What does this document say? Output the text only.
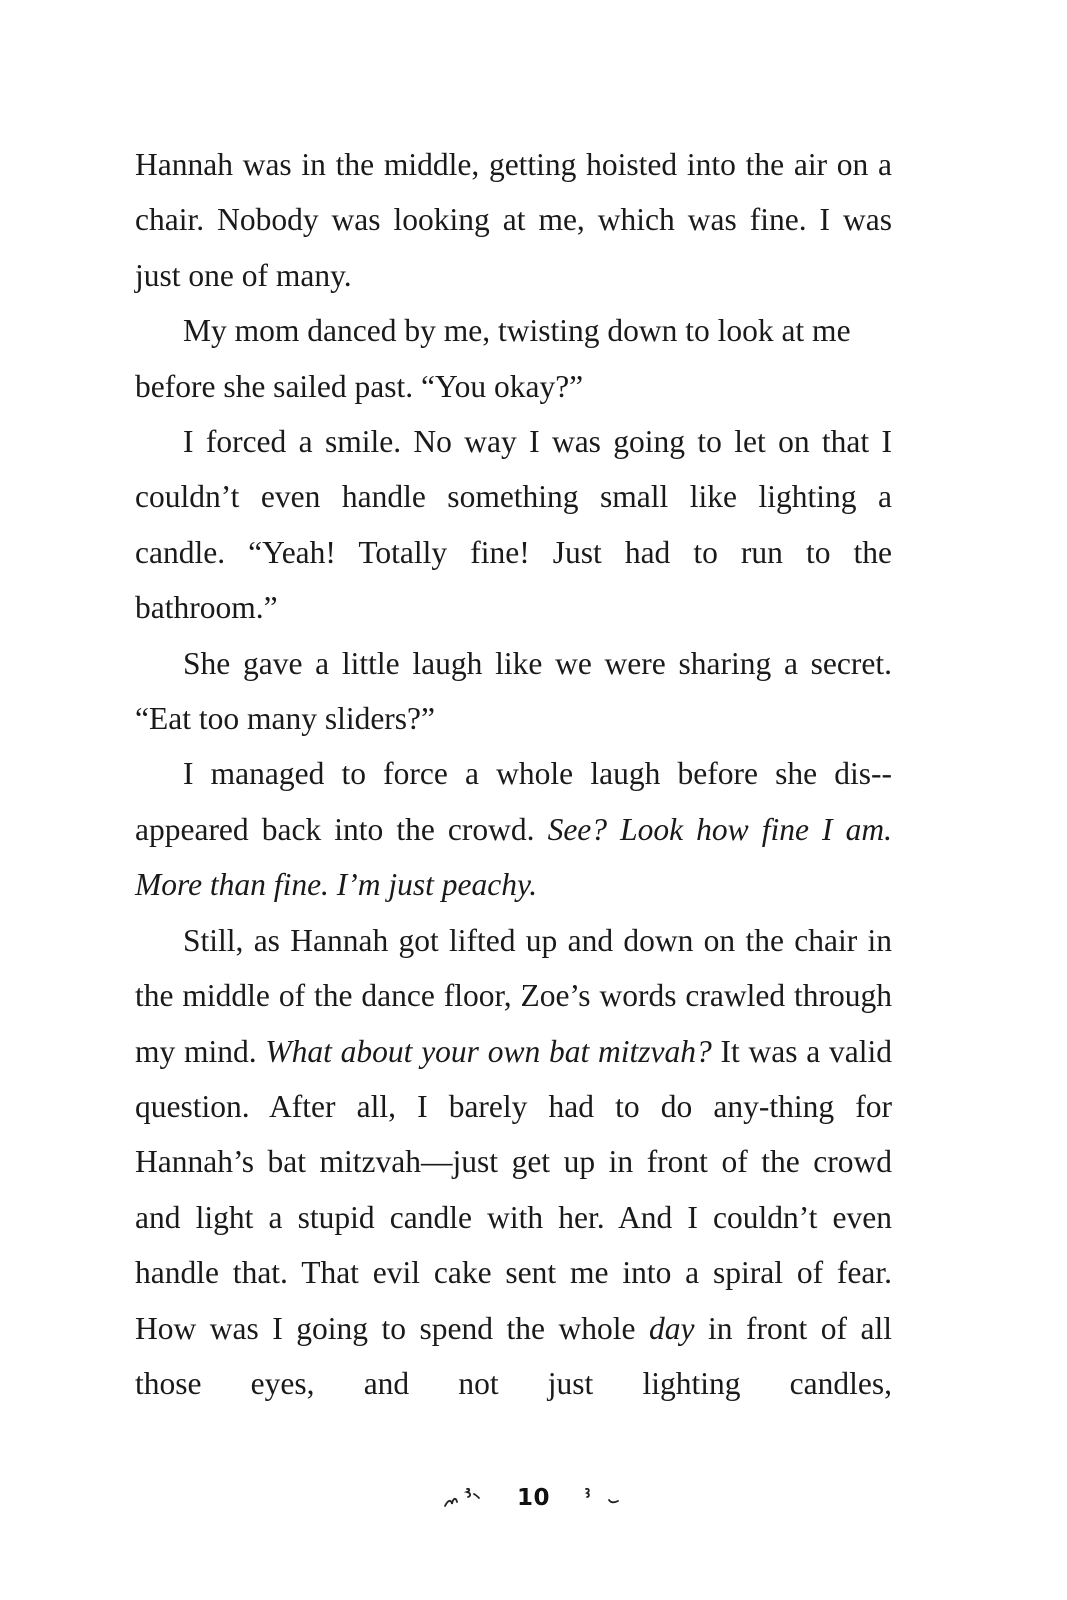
Hannah was in the middle, getting hoisted into the air on a chair. Nobody was looking at me, which was fine. I was just one of many.

My mom danced by me, twisting down to look at me before she sailed past. “You okay?”

I forced a smile. No way I was going to let on that I couldn’t even handle something small like lighting a candle. “Yeah! Totally fine! Just had to run to the bathroom.”

She gave a little laugh like we were sharing a secret. “Eat too many sliders?”

I managed to force a whole laugh before she dis-appeared back into the crowd. See? Look how fine I am. More than fine. I’m just peachy.

Still, as Hannah got lifted up and down on the chair in the middle of the dance floor, Zoe’s words crawled through my mind. What about your own bat mitzvah? It was a valid question. After all, I barely had to do any-thing for Hannah’s bat mitzvah—just get up in front of the crowd and light a stupid candle with her. And I couldn’t even handle that. That evil cake sent me into a spiral of fear. How was I going to spend the whole day in front of all those eyes, and not just lighting candles,

10
